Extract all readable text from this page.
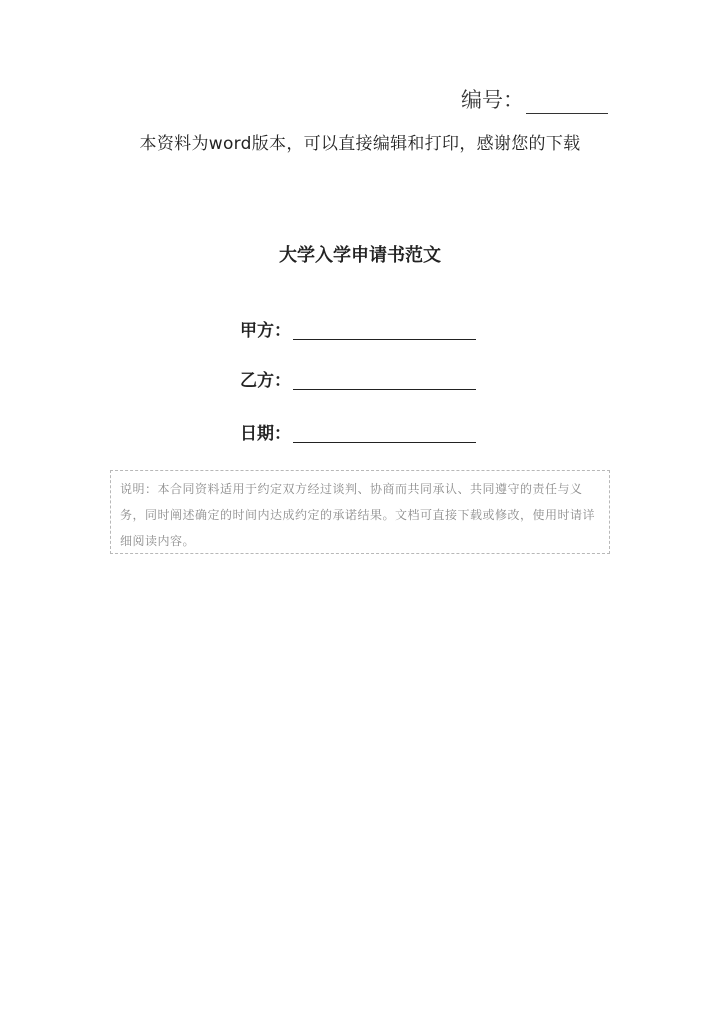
编号：
本资料为word版本，可以直接编辑和打印，感谢您的下载
大学入学申请书范文
甲方：
乙方：
日期：
说明：本合同资料适用于约定双方经过谈判、协商而共同承认、共同遵守的责任与义务，同时阐述确定的时间内达成约定的承诺结果。文档可直接下载或修改，使用时请详细阅读内容。
